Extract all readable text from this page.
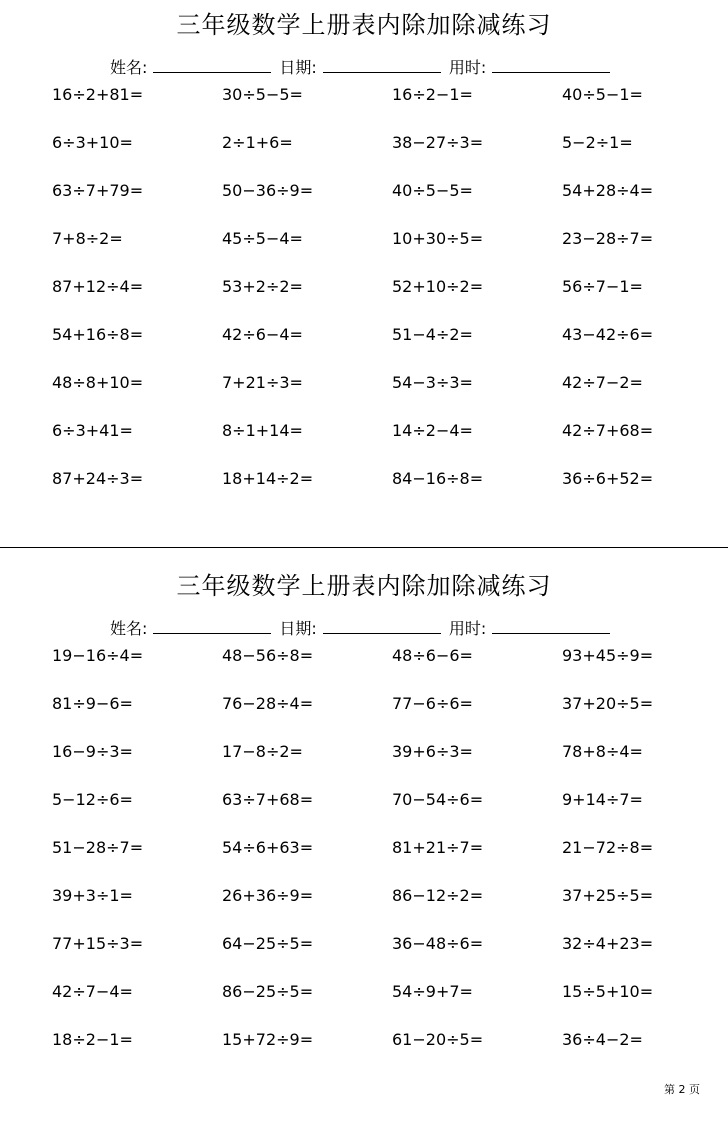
三年级数学上册表内除加除减练习
姓名:	日期:	用时:
16÷2+81=	30÷5−5=	16÷2−1=	40÷5−1=
6÷3+10=	2÷1+6=	38−27÷3=	5−2÷1=
63÷7+79=	50−36÷9=	40÷5−5=	54+28÷4=
7+8÷2=	45÷5−4=	10+30÷5=	23−28÷7=
87+12÷4=	53+2÷2=	52+10÷2=	56÷7−1=
54+16÷8=	42÷6−4=	51−4÷2=	43−42÷6=
48÷8+10=	7+21÷3=	54−3÷3=	42÷7−2=
6÷3+41=	8÷1+14=	14÷2−4=	42÷7+68=
87+24÷3=	18+14÷2=	84−16÷8=	36÷6+52=
三年级数学上册表内除加除减练习
姓名:	日期:	用时:
19−16÷4=	48−56÷8=	48÷6−6=	93+45÷9=
81÷9−6=	76−28÷4=	77−6÷6=	37+20÷5=
16−9÷3=	17−8÷2=	39+6÷3=	78+8÷4=
5−12÷6=	63÷7+68=	70−54÷6=	9+14÷7=
51−28÷7=	54÷6+63=	81+21÷7=	21−72÷8=
39+3÷1=	26+36÷9=	86−12÷2=	37+25÷5=
77+15÷3=	64−25÷5=	36−48÷6=	32÷4+23=
42÷7−4=	86−25÷5=	54÷9+7=	15÷5+10=
18÷2−1=	15+72÷9=	61−20÷5=	36÷4−2=
第 2 页
